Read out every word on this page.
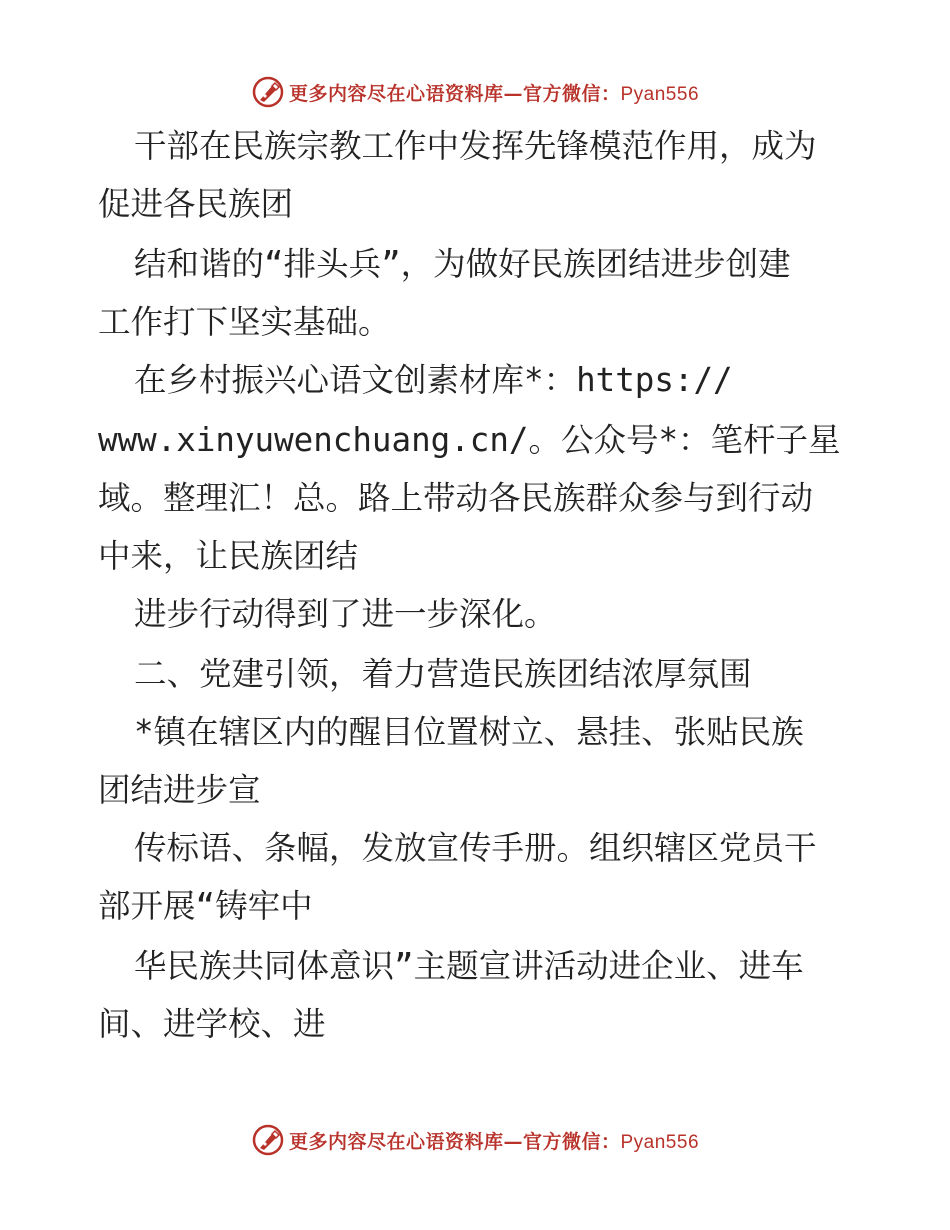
更多内容尽在心语资料库—官方微信：Pyan556
干部在民族宗教工作中发挥先锋模范作用，成为
促进各民族团
结和谐的“排头兵”，为做好民族团结进步创建
工作打下坚实基础。
在乡村振兴心语文创素材库*：https://
www.xinyuwenchuang.cn/。公众号*：笔杆子星
域。整理汇！总。路上带动各民族群众参与到行动
中来，让民族团结
进步行动得到了进一步深化。
二、党建引领，着力营造民族团结浓厚氛围
*镇在辖区内的醒目位置树立、悬挂、张贴民族
团结进步宣
传标语、条幅，发放宣传手册。组织辖区党员干
部开展“铸牢中
华民族共同体意识”主题宣讲活动进企业、进车
间、进学校、进
更多内容尽在心语资料库—官方微信：Pyan556
